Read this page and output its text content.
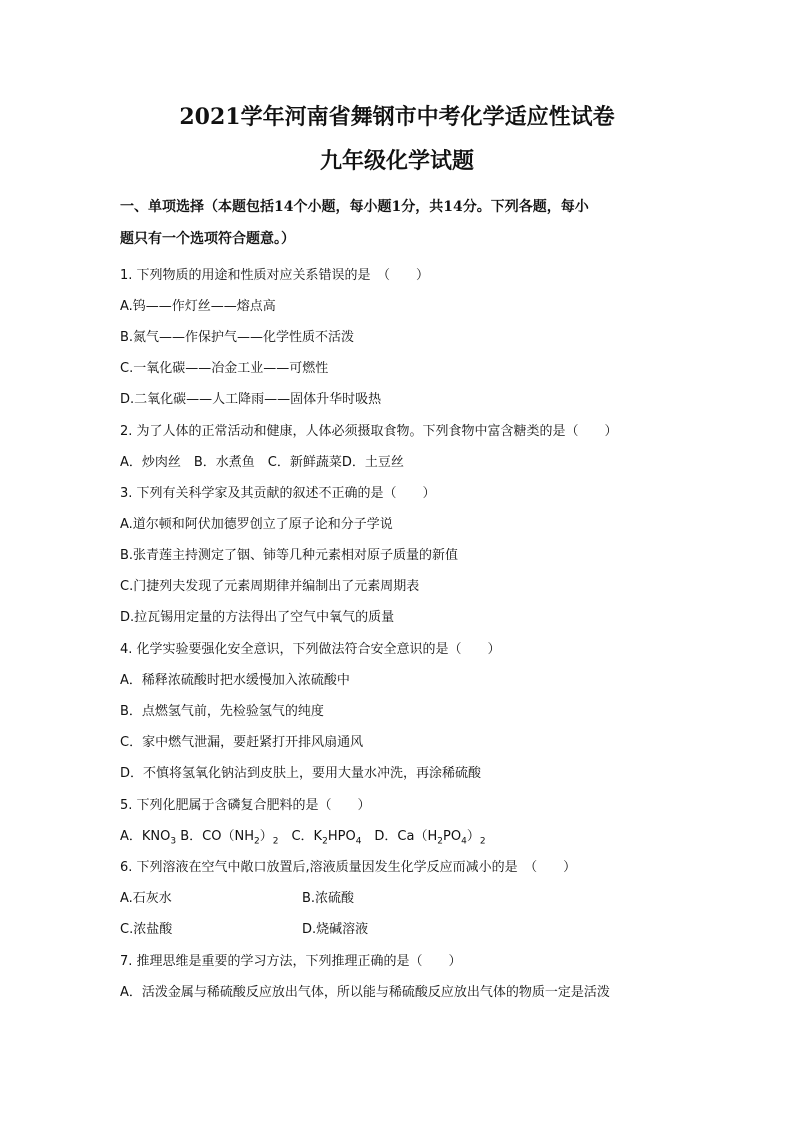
2021学年河南省舞钢市中考化学适应性试卷
九年级化学试题
一、单项选择（本题包括14个小题，每小题1分，共14分。下列各题，每小
题只有一个选项符合题意。）
1. 下列物质的用途和性质对应关系错误的是　（　　）
A.钨——作灯丝——熔点高
B.氮气——作保护气——化学性质不活泼
C.一氧化碳——冶金工业——可燃性
D.二氧化碳——人工降雨——固体升华时吸热
2. 为了人体的正常活动和健康，人体必须摄取食物。下列食物中富含糖类的是（　　）
A．炒肉丝　B．水煮鱼　C．新鲜蔬菜D．土豆丝
3. 下列有关科学家及其贡献的叙述不正确的是（　　）
A.道尔顿和阿伏加德罗创立了原子论和分子学说
B.张青莲主持测定了铟、铈等几种元素相对原子质量的新值
C.门捷列夫发现了元素周期律并编制出了元素周期表
D.拉瓦锡用定量的方法得出了空气中氧气的质量
4. 化学实验要强化安全意识，下列做法符合安全意识的是（　　）
A．稀释浓硫酸时把水缓慢加入浓硫酸中
B．点燃氢气前，先检验氢气的纯度
C．家中燃气泄漏，要赶紧打开排风扇通风
D．不慎将氢氧化钠沾到皮肤上，要用大量水冲洗，再涂稀硫酸
5. 下列化肥属于含磷复合肥料的是（　　）
A．$KNO_3$ B．$CO(NH_2)_2$　C．$K_2HPO_4$　D．$Ca(H_2PO_4)_2$
6. 下列溶液在空气中敞口放置后,溶液质量因发生化学反应而减小的是　（　　）
A.石灰水	B.浓硫酸
C.浓盐酸	D.烧碱溶液
7. 推理思维是重要的学习方法，下列推理正确的是（　　）
A．活泼金属与稀硫酸反应放出气体，所以能与稀硫酸反应放出气体的物质一定是活泼
